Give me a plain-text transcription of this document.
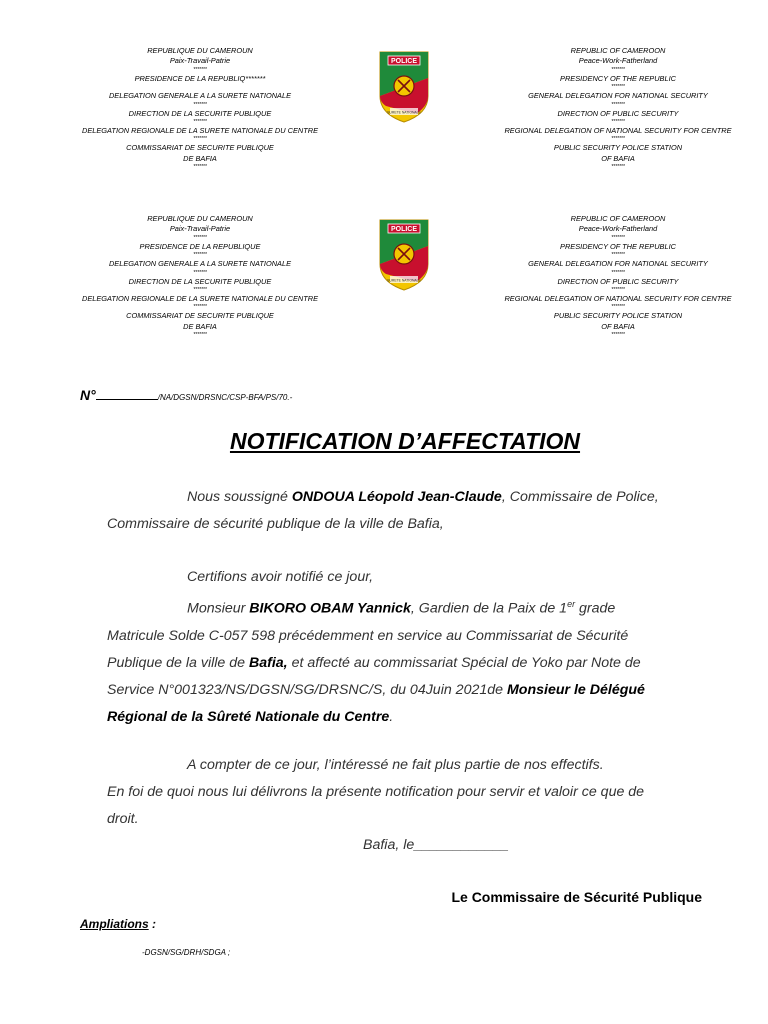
REPUBLIQUE DU CAMEROUN
Paix-Travail-Patrie
*******
PRESIDENCE DE LA REPUBLIQ*******
DELEGATION GENERALE A LA SURETE NATIONALE
*******
DIRECTION DE LA SECURITE PUBLIQUE
*******
DELEGATION REGIONALE DE LA SURETE NATIONALE DU CENTRE
*******
COMMISSARIAT DE SECURITE PUBLIQUE
DE BAFIA
*******
POLICE
SURETE NATIONALE
REPUBLIC OF CAMEROON
Peace-Work-Fatherland
*******
PRESIDENCY OF THE REPUBLIC
*******
GENERAL DELEGATION FOR NATIONAL SECURITY
*******
DIRECTION OF PUBLIC SECURITY
*******
REGIONAL DELEGATION OF NATIONAL SECURITY FOR CENTRE
*******
PUBLIC SECURITY POLICE STATION
OF BAFIA
*******
REPUBLIQUE DU CAMEROUN
Paix-Travail-Patrie
*******
PRESIDENCE DE LA REPUBLIQUE
*******
DELEGATION GENERALE A LA SURETE NATIONALE
*******
DIRECTION DE LA SECURITE PUBLIQUE
*******
DELEGATION REGIONALE DE LA SURETE NATIONALE DU CENTRE
*******
COMMISSARIAT DE SECURITE PUBLIQUE
DE BAFIA
*******
POLICE
SURETE NATIONALE
REPUBLIC OF CAMEROON
Peace-Work-Fatherland
*******
PRESIDENCY OF THE REPUBLIC
*******
GENERAL DELEGATION FOR NATIONAL SECURITY
*******
DIRECTION OF PUBLIC SECURITY
*******
REGIONAL DELEGATION OF NATIONAL SECURITY FOR CENTRE
*******
PUBLIC SECURITY POLICE STATION
OF BAFIA
*******
N°	/NA/DGSN/DRSNC/CSP-BFA/PS/70.-
NOTIFICATION D’AFFECTATION
Nous soussigné ONDOUA Léopold Jean-Claude, Commissaire de Police,
Commissaire de sécurité publique de la ville de Bafia,
Certifions avoir notifié ce jour,
Monsieur BIKORO OBAM Yannick, Gardien de la Paix de 1er grade
Matricule Solde C-057 598 précédemment en service au Commissariat de Sécurité
Publique de la ville de Bafia, et affecté au commissariat Spécial de Yoko par Note de
Service N°001323/NS/DGSN/SG/DRSNC/S, du 04Juin 2021de Monsieur le Délégué
Régional de la Sûreté Nationale du Centre.
A compter de ce jour, l’intéressé ne fait plus partie de nos effectifs.
En foi de quoi nous lui délivrons la présente notification pour servir et valoir ce que de
droit.
Bafia, le____________
Le Commissaire de Sécurité Publique
Ampliations :
-DGSN/SG/DRH/SDGA ;
